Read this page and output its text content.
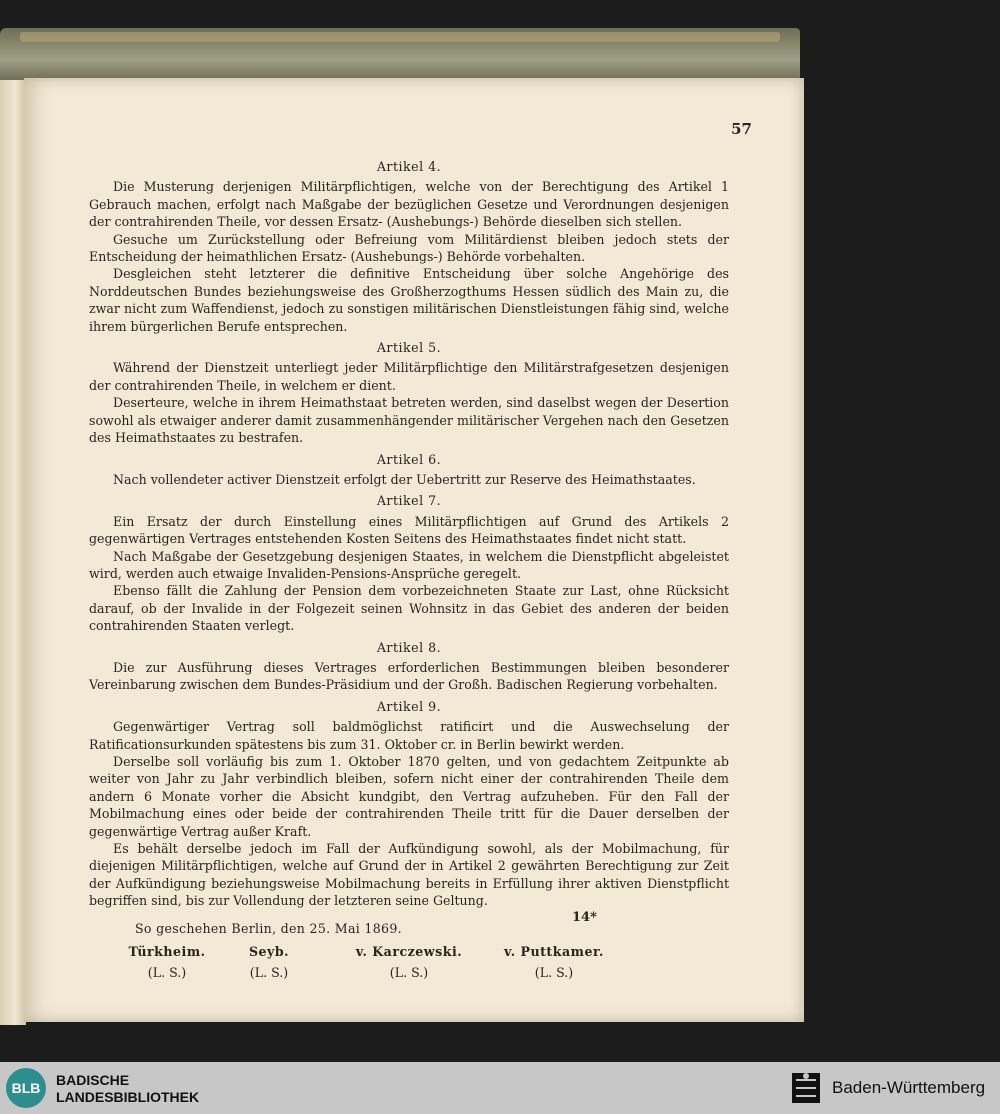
57
Artikel 4.

Die Musterung derjenigen Militärpflichtigen, welche von der Berechtigung des Artikel 1 Gebrauch machen, erfolgt nach Maßgabe der bezüglichen Gesetze und Verordnungen desjenigen der contrahirenden Theile, vor dessen Ersatz- (Aushebungs-) Behörde dieselben sich stellen.

Gesuche um Zurückstellung oder Befreiung vom Militärdienst bleiben jedoch stets der Entscheidung der heimathlichen Ersatz- (Aushebungs-) Behörde vorbehalten.

Desgleichen steht letzterer die definitive Entscheidung über solche Angehörige des Norddeutschen Bundes beziehungsweise des Großherzogthums Hessen südlich des Main zu, die zwar nicht zum Waffendienst, jedoch zu sonstigen militärischen Dienstleistungen fähig sind, welche ihrem bürgerlichen Berufe entsprechen.

Artikel 5.

Während der Dienstzeit unterliegt jeder Militärpflichtige den Militärstrafgesetzen desjenigen der contrahirenden Theile, in welchem er dient.

Deserteure, welche in ihrem Heimathstaat betreten werden, sind daselbst wegen der Desertion sowohl als etwaiger anderer damit zusammenhängender militärischer Vergehen nach den Gesetzen des Heimathstaates zu bestrafen.

Artikel 6.

Nach vollendeter activer Dienstzeit erfolgt der Uebertritt zur Reserve des Heimathstaates.

Artikel 7.

Ein Ersatz der durch Einstellung eines Militärpflichtigen auf Grund des Artikels 2 gegenwärtigen Vertrages entstehenden Kosten Seitens des Heimathstaates findet nicht statt.

Nach Maßgabe der Gesetzgebung desjenigen Staates, in welchem die Dienstpflicht abgeleistet wird, werden auch etwaige Invaliden-Pensions-Ansprüche geregelt.

Ebenso fällt die Zahlung der Pension dem vorbezeichneten Staate zur Last, ohne Rücksicht darauf, ob der Invalide in der Folgezeit seinen Wohnsitz in das Gebiet des anderen der beiden contrahirenden Staaten verlegt.

Artikel 8.

Die zur Ausführung dieses Vertrages erforderlichen Bestimmungen bleiben besonderer Vereinbarung zwischen dem Bundes-Präsidium und der Großh. Badischen Regierung vorbehalten.

Artikel 9.

Gegenwärtiger Vertrag soll baldmöglichst ratificirt und die Auswechselung der Ratificationsurkunden spätestens bis zum 31. Oktober cr. in Berlin bewirkt werden.

Derselbe soll vorläufig bis zum 1. Oktober 1870 gelten, und von gedachtem Zeitpunkte ab weiter von Jahr zu Jahr verbindlich bleiben, sofern nicht einer der contrahirenden Theile dem andern 6 Monate vorher die Absicht kundgibt, den Vertrag aufzuheben. Für den Fall der Mobilmachung eines oder beide der contrahirenden Theile tritt für die Dauer derselben der gegenwärtige Vertrag außer Kraft.

Es behält derselbe jedoch im Fall der Aufkündigung sowohl, als der Mobilmachung, für diejenigen Militärpflichtigen, welche auf Grund der in Artikel 2 gewährten Berechtigung zur Zeit der Aufkündigung beziehungsweise Mobilmachung bereits in Erfüllung ihrer aktiven Dienstpflicht begriffen sind, bis zur Vollendung der letzteren seine Geltung.

So geschehen Berlin, den 25. Mai 1869.
Türkheim.
(L. S.)
Seyb.
(L. S.)
v. Karczewski.
(L. S.)
v. Puttkamer.
(L. S.)
14*
BLB	BADISCHE
LANDESBIBLIOTHEK	Baden-Württemberg
